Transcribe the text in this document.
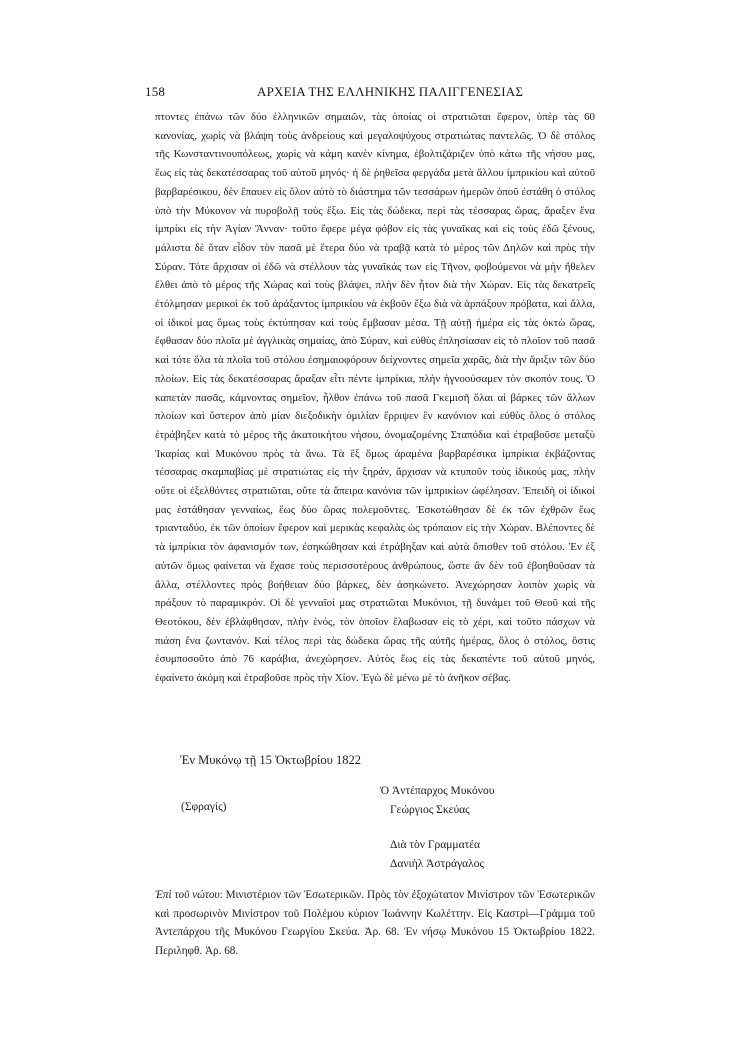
158	ΑΡΧΕΙΑ ΤΗΣ ΕΛΛΗΝΙΚΗΣ ΠΑΛΙΓΓΕΝΕΣΙΑΣ

πτοντες ἐπάνω τῶν δύο ἑλληνικῶν σημαιῶν, τὰς ὁποίας οἱ στρατιῶται ἔφερον, ὑπὲρ τὰς 60 κανονίας, χωρὶς νὰ βλάψη τοὺς ἀνδρείους καὶ μεγαλοψύχους στρατιώτας παντελῶς. Ὁ δὲ στόλος τῆς Κωνσταντινουπόλεως, χωρὶς νὰ κάμη κανὲν κίνημα, ἐβολτιζάριζεν ὑπὸ κάτω τῆς νήσου μας, ἕως εἰς τὰς δεκατέσσαρας τοῦ αὐτοῦ μηνός· ἡ δὲ ῥηθεῖσα φεργάδα μετὰ ἄλλου ἰμπρικίου καὶ αὐτοῦ βαρβαρέσικου, δὲν ἔπαυεν εἰς ὅλον αὐτὸ τὸ διάστημα τῶν τεσσάρων ἡμερῶν ὁποῦ ἐστάθη ὁ στόλος ὑπὸ τὴν Μύκονον νὰ πυροβολῇ τοὺς ἔξω. Εἰς τὰς δώδεκα, περὶ τὰς τέσσαρας ὥρας, ἄραξεν ἕνα ἰμπρίκι εἰς τὴν Ἁγίαν Ἄνναν· τοῦτο ἔφερε μέγα φόβον εἰς τὰς γυναῖκας καὶ εἰς τοὺς ἐδῶ ξένους, μάλιστα δὲ ὅταν εἶδον τὸν πασᾶ μὲ ἕτερα δύο νὰ τραβᾷ κατὰ τὸ μέρος τῶν Δηλῶν καὶ πρὸς τὴν Σύραν. Τότε ἄρχισαν οἱ ἐδῶ νὰ στέλλουν τὰς γυναῖκάς των εἰς Τῆνον, φοβούμενοι νὰ μὴν ἤθελεν ἔλθει ἀπὸ τὸ μέρος τῆς Χώρας καὶ τοὺς βλάψει, πλὴν δὲν ἦτον διὰ τὴν Χώραν. Εἰς τὰς δεκατρεῖς ἐτόλμησαν μερικοὶ ἐκ τοῦ ἀράξαντος ἰμπρικίου νὰ ἐκβοῦν ἔξω διὰ νὰ ἁρπάξουν πρόβατα, καὶ ἄλλα, οἱ ἰδικοί μας ὅμως τοὺς ἐκτύπησαν καὶ τοὺς ἔμβασαν μέσα. Τῇ αὐτῇ ἡμέρα εἰς τὰς ὀκτὼ ὥρας, ἔφθασαν δύο πλοῖα μὲ ἀγγλικὰς σημαίας, ἀπὸ Σύραν, καὶ εὐθὺς ἐπλησίασαν εἰς τὸ πλοῖον τοῦ πασᾶ καὶ τότε ὅλα τὰ πλοῖα τοῦ στόλου ἐσημαιοφόρουν δείχνοντες σημεῖα χαρᾶς, διὰ τὴν ἄριξιν τῶν δύο πλοίων. Εἰς τὰς δεκατέσσαρας ἄραξαν εἶτι πέντε ἰμπρίκια, πλὴν ἠγνοούσαμεν τὸν σκοπόν τους. Ὁ καπετὰν πασᾶς, κάμνοντας σημεῖον, ἦλθον ἐπάνω τοῦ πασᾶ Γκεμισῆ ὅλαι αἱ βάρκες τῶν ἄλλων πλοίων καὶ ὕστερον ἀπὸ μίαν διεξοδικὴν ὁμιλίαν ἔρριψεν ἓν κανόνιον καὶ εὐθὺς ὅλος ὁ στόλος ἐτράβηξεν κατὰ τὸ μέρος τῆς ἀκατοικήτου νήσου, ὀνομαζομένης Σταπόδια καὶ ἐτραβοῦσε μεταξὺ Ἰκαρίας καὶ Μυκόνου πρὸς τὰ ἄνω. Τὰ ἓξ ὅμως ἀραμένα βαρβαρέσικα ἰμπρίκια ἐκβάζοντας τέσσαρας σκαμπαβίας μὲ στρατιώτας εἰς τὴν ξηράν, ἄρχισαν νὰ κτυποῦν τοὺς ἰδικούς μας, πλὴν οὔτε οἱ ἐξελθόντες στρατιῶται, οὔτε τὰ ἄπειρα κανόνια τῶν ἰμπρικίων ὠφέλησαν. Ἐπειδὴ οἱ ἰδικοί μας ἐστάθησαν γενναίως, ἕως δύο ὥρας πολεμοῦντες. Ἐσκοτώθησαν δὲ ἐκ τῶν ἐχθρῶν ἕως τριανταδύο, ἐκ τῶν ὁποίων ἔφερον καὶ μερικὰς κεφαλὰς ὡς τρόπαιον εἰς τὴν Χώραν. Βλέποντες δὲ τὰ ἰμπρίκια τὸν ἀφανισμόν των, ἐσηκώθησαν καὶ ἐτράβηξαν καὶ αὐτὰ ὄπισθεν τοῦ στόλου. Ἐν ἐξ αὐτῶν ὅμως φαίνεται νὰ ἔχασε τοὺς περισσοτέρους ἀνθρώπους, ὥστε ἂν δὲν τοῦ ἐβοηθοῦσαν τὰ ἄλλα, στέλλοντες πρὸς βοήθειαν δύο βάρκες, δὲν ἀσηκώνετο. Ἀνεχώρησαν λοιπὸν χωρὶς νὰ πράξουν τὸ παραμικρόν. Οἱ δὲ γενναῖοί μας στρατιῶται Μυκόνιοι, τῇ δυνάμει τοῦ Θεοῦ καὶ τῆς Θεοτόκου, δὲν ἐβλάφθησαν, πλὴν ἑνός, τὸν ὁποῖον ἔλαβωσαν εἰς τὸ χέρι, καὶ τοῦτο πάσχων νὰ πιάση ἕνα ζωντανόν. Καὶ τέλος περὶ τὰς δώδεκα ὥρας τῆς αὐτῆς ἡμέρας, ὅλος ὁ στόλος, ὅστις ἐσυμποσοῦτο ἀπὸ 76 καράβια, ἀνεχώρησεν. Αὐτὸς ἕως εἰς τὰς δεκαπέντε τοῦ αὐτοῦ μηνός, ἐφαίνετο ἀκόμη καὶ ἐτραβοῦσε πρὸς τὴν Χίον. Ἐγὼ δὲ μένω μὲ τὸ ἀνῆκον σέβας.

Ἐν Μυκόνῳ τῇ 15 Ὀκτωβρίου 1822
(Σφραγίς)
Ὁ Ἀντέπαρχος Μυκόνου
Γεώργιος Σκεύας
Διὰ τὸν Γραμματέα
Δανιὴλ Ἀστράγαλος
Ἐπὶ τοῦ νώτου: Μινιστέριον τῶν Ἐσωτερικῶν. Πρὸς τὸν ἐξοχώτατον Μινίστρον τῶν Ἐσωτερικῶν καὶ προσωρινὸν Μινίστρον τοῦ Πολέμου κύριον Ἰωάννην Κωλέττην. Εἰς Καστρὶ—Γράμμα τοῦ Ἀντεπάρχου τῆς Μυκόνου Γεωργίου Σκεύα. Ἀρ. 68. Ἐν νήσῳ Μυκόνου 15 Ὀκτωβρίου 1822. Περιληφθ. Ἀρ. 68.
